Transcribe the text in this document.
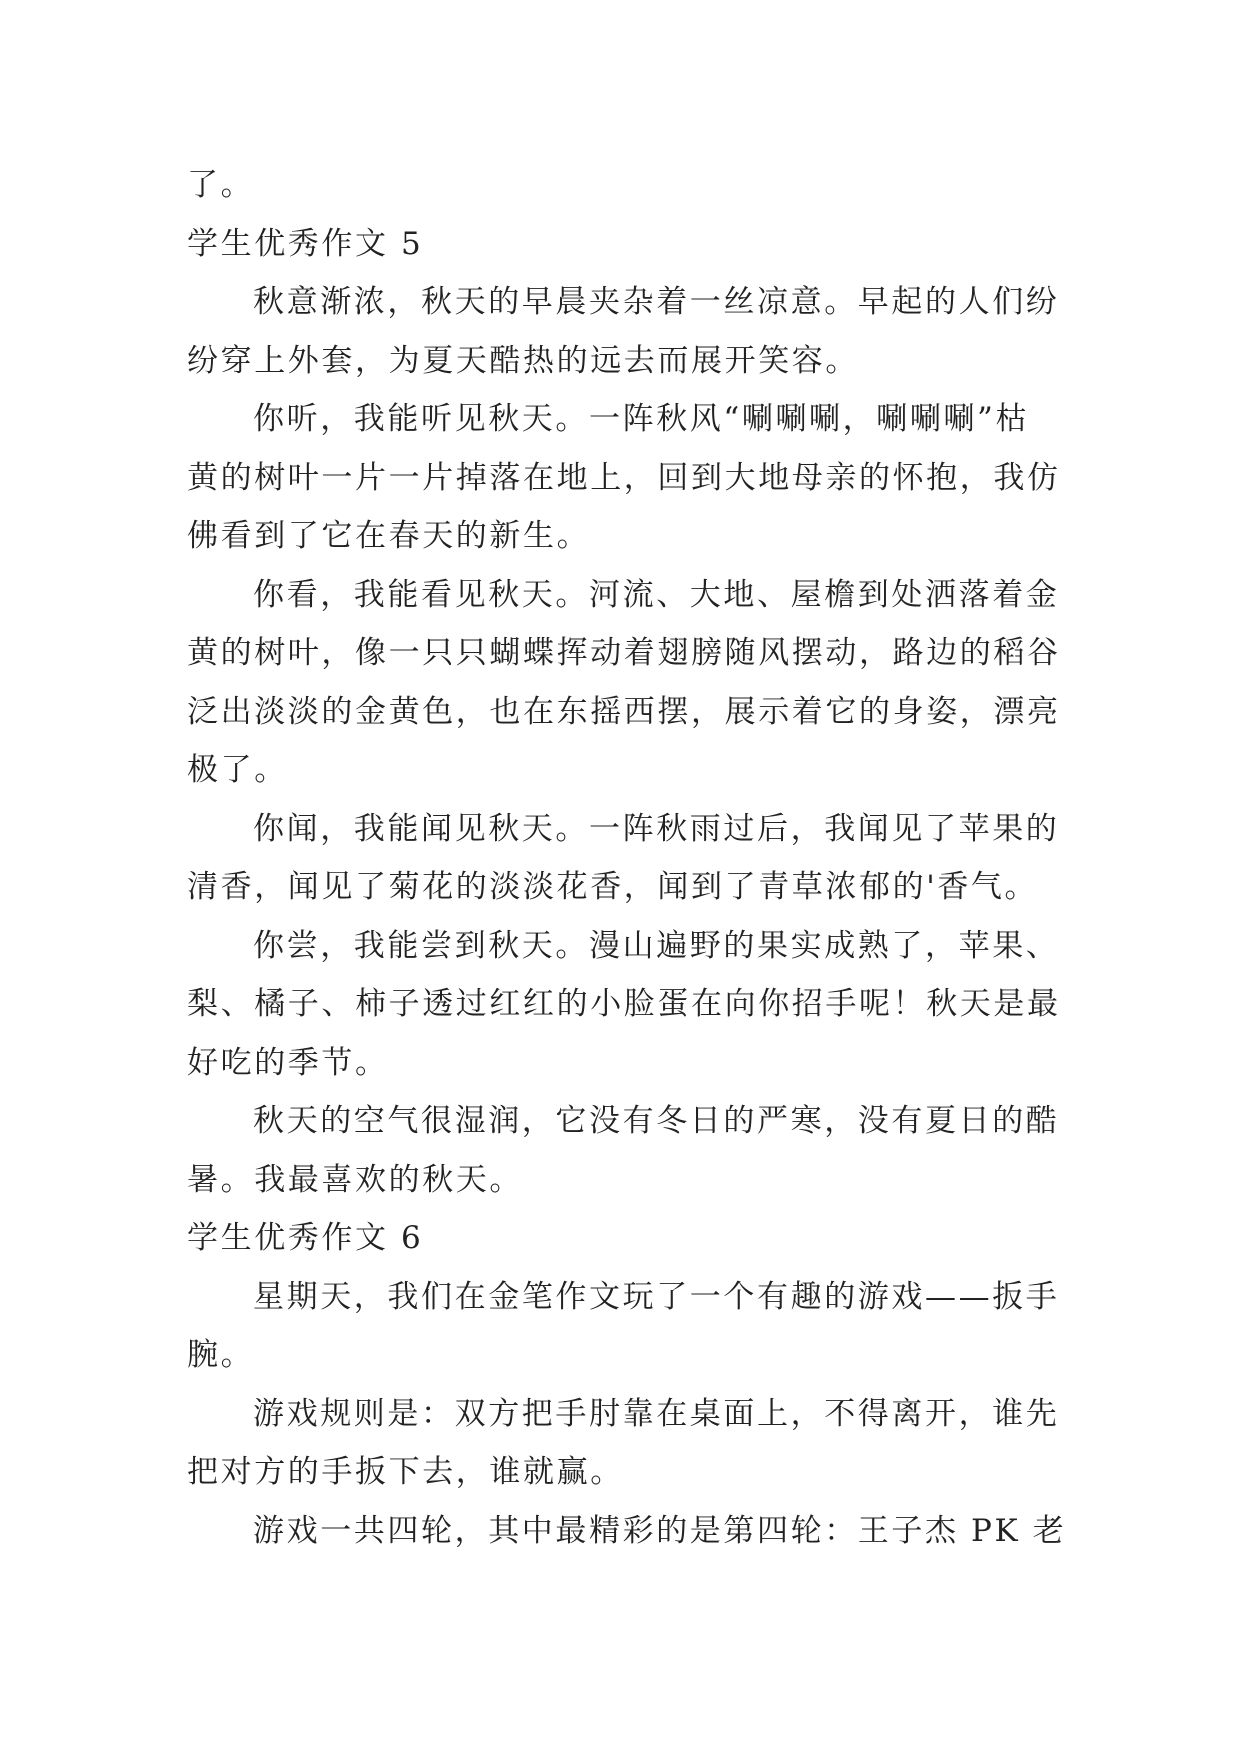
了。
学生优秀作文 5
秋意渐浓，秋天的早晨夹杂着一丝凉意。早起的人们纷
纷穿上外套，为夏天酷热的远去而展开笑容。
你听，我能听见秋天。一阵秋风“唰唰唰，唰唰唰”枯
黄的树叶一片一片掉落在地上，回到大地母亲的怀抱，我仿
佛看到了它在春天的新生。
你看，我能看见秋天。河流、大地、屋檐到处洒落着金
黄的树叶，像一只只蝴蝶挥动着翅膀随风摆动，路边的稻谷
泛出淡淡的金黄色，也在东摇西摆，展示着它的身姿，漂亮
极了。
你闻，我能闻见秋天。一阵秋雨过后，我闻见了苹果的
清香，闻见了菊花的淡淡花香，闻到了青草浓郁的'香气。
你尝，我能尝到秋天。漫山遍野的果实成熟了，苹果、
梨、橘子、柿子透过红红的小脸蛋在向你招手呢！秋天是最
好吃的季节。
秋天的空气很湿润，它没有冬日的严寒，没有夏日的酷
暑。我最喜欢的秋天。
学生优秀作文 6
星期天，我们在金笔作文玩了一个有趣的游戏——扳手
腕。
游戏规则是：双方把手肘靠在桌面上，不得离开，谁先
把对方的手扳下去，谁就赢。
游戏一共四轮，其中最精彩的是第四轮：王子杰 PK 老
